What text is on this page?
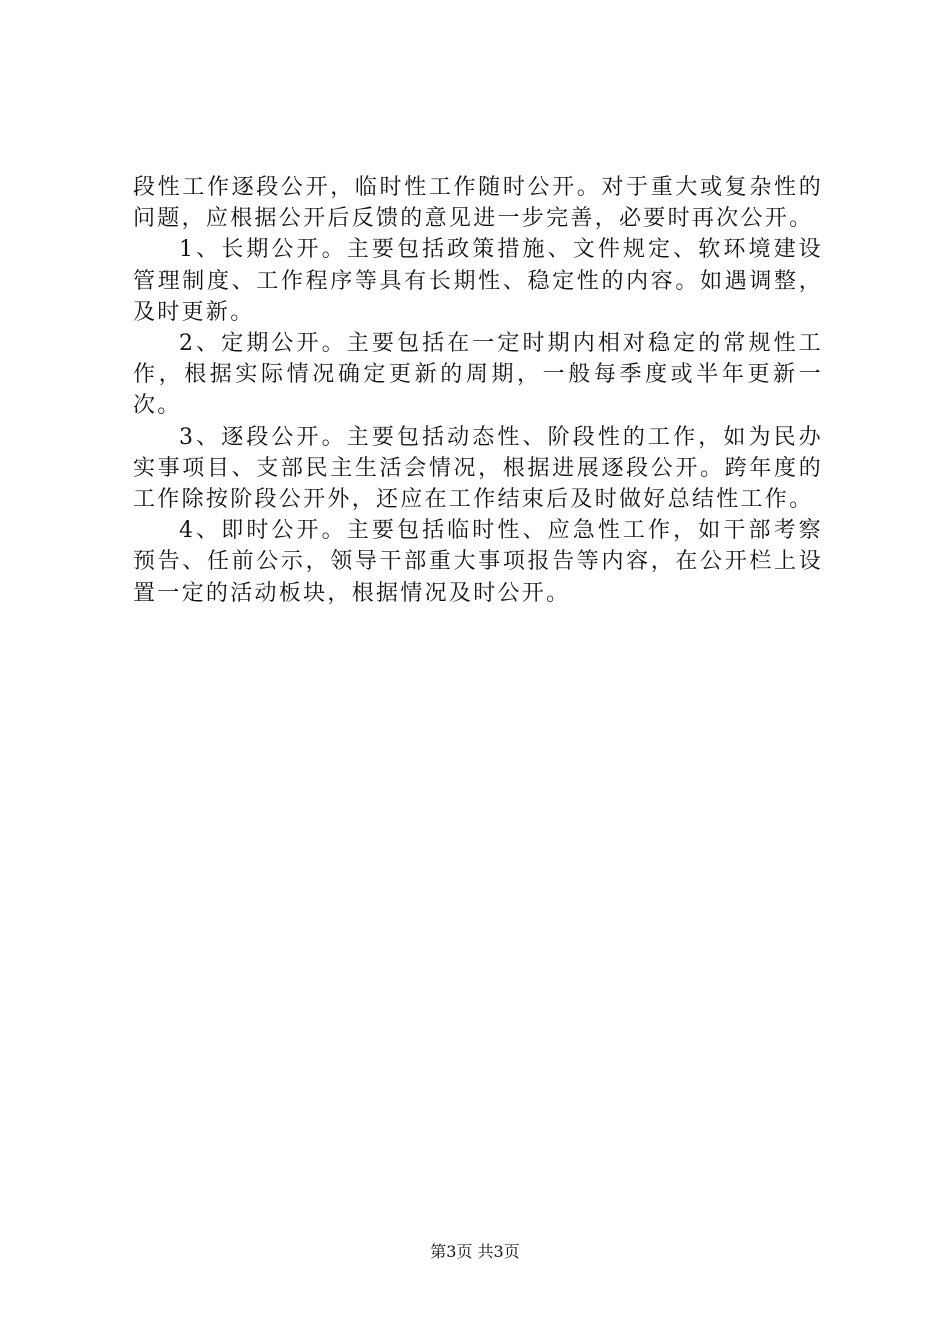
段性工作逐段公开，临时性工作随时公开。对于重大或复杂性的问题，应根据公开后反馈的意见进一步完善，必要时再次公开。

1、长期公开。主要包括政策措施、文件规定、软环境建设管理制度、工作程序等具有长期性、稳定性的内容。如遇调整，及时更新。

2、定期公开。主要包括在一定时期内相对稳定的常规性工作，根据实际情况确定更新的周期，一般每季度或半年更新一次。

3、逐段公开。主要包括动态性、阶段性的工作，如为民办实事项目、支部民主生活会情况，根据进展逐段公开。跨年度的工作除按阶段公开外，还应在工作结束后及时做好总结性工作。

4、即时公开。主要包括临时性、应急性工作，如干部考察预告、任前公示，领导干部重大事项报告等内容，在公开栏上设置一定的活动板块，根据情况及时公开。

第3页 共3页
